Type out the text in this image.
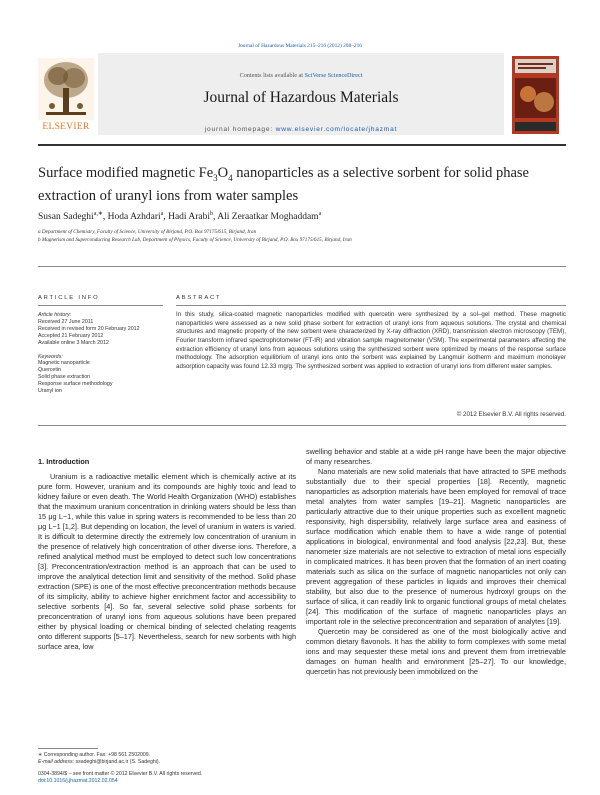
Journal of Hazardous Materials 215–216 (2012) 208–216
Contents lists available at SciVerse ScienceDirect
Journal of Hazardous Materials
journal homepage: www.elsevier.com/locate/jhazmat
ELSEVIER
Surface modified magnetic $Fe_3O_4$ nanoparticles as a selective sorbent for solid phase extraction of uranyl ions from water samples
Susan Sadeghi$^{a,∗}$, Hoda Azhdari$^a$, Hadi Arabi$^b$, Ali Zeraatkar Moghaddam$^a$
a Department of Chemistry, Faculty of Science, University of Birjand, P.O. Box 97175/615, Birjand, Iran
b Magnetism and Superconducting Research Lab, Department of Physics, Faculty of Science, University of Birjand, P.O. Box 97175/615, Birjand, Iran
ARTICLE INFO
Article history:
Received 27 June 2011
Received in revised form 20 February 2012
Accepted 21 February 2012
Available online 3 March 2012
Keywords:
Magnetic nanoparticle
Quercetin
Solid phase extraction
Response surface methodology
Uranyl ion
ABSTRACT
In this study, silica-coated magnetic nanoparticles modified with quercetin were synthesized by a sol–gel method. These magnetic nanoparticles were assessed as a new solid phase sorbent for extraction of uranyl ions from aqueous solutions. The crystal and chemical structures and magnetic property of the new sorbent were characterized by X-ray diffraction (XRD), transmission electron microscopy (TEM), Fourier transform infrared spectrophotometer (FT-IR) and vibration sample magnetometer (VSM). The experimental parameters affecting the extraction efficiency of uranyl ions from aqueous solutions using the synthesized sorbent were optimized by means of the response surface methodology. The adsorption equilibrium of uranyl ions onto the sorbent was explained by Langmuir isotherm and maximum monolayer adsorption capacity was found 12.33 mg/g. The synthesized sorbent was applied to extraction of uranyl ions from different water samples.
© 2012 Elsevier B.V. All rights reserved.
1. Introduction

Uranium is a radioactive metallic element which is chemically active at its pure form. However, uranium and its compounds are highly toxic and lead to kidney failure or even death. The World Health Organization (WHO) establishes that the maximum uranium concentration in drinking waters should be less than 15 μg L−1, while this value in spring waters is recommended to be less than 20 μg L−1 [1,2]. But depending on location, the level of uranium in waters is varied. It is difficult to determine directly the extremely low concentration of uranium in the presence of relatively high concentration of other diverse ions. Therefore, a refined analytical method must be employed to detect such low concentrations [3]. Preconcentration/extraction method is an approach that can be used to improve the analytical detection limit and sensitivity of the method. Solid phase extraction (SPE) is one of the most effective preconcentration methods because of its simplicity, ability to achieve higher enrichment factor and accessibility to selective sorbents [4]. So far, several selective solid phase sorbents for preconcentration of uranyl ions from aqueous solutions have been prepared either by physical loading or chemical binding of selected chelating reagents onto different supports [5–17]. Nevertheless, search for new sorbents with high surface area, low

swelling behavior and stable at a wide pH range have been the major objective of many researches.

Nano materials are new solid materials that have attracted to SPE methods substantially due to their special properties [18]. Recently, magnetic nanoparticles as adsorption materials have been employed for removal of trace metal analytes from water samples [19–21]. Magnetic nanoparticles are particularly attractive due to their unique properties such as excellent magnetic responsivity, high dispersibility, relatively large surface area and easiness of surface modification which enable them to have a wide range of potential applications in biological, environmental and food analysis [22,23]. But, these nanometer size materials are not selective to extraction of metal ions especially in complicated matrices. It has been proven that the formation of an inert coating materials such as silica on the surface of magnetic nanoparticles not only can prevent aggregation of these particles in liquids and improves their chemical stability, but also due to the presence of numerous hydroxyl groups on the surface of silica, it can readily link to organic functional groups of metal chelates [24]. This modification of the surface of magnetic nanoparticles plays an important role in the selective preconcentration and separation of analytes [19].

Quercetin may be considered as one of the most biologically active and common dietary flavonols. It has the ability to form complexes with some metal ions and may sequester these metal ions and prevent them from irretrievable damages on human health and environment [25–27]. To our knowledge, quercetin has not previously been immobilized on the

∗ Corresponding author. Fax: +98 561 2502009.
E-mail address: ssadeghi@birjand.ac.ir (S. Sadeghi).
0304-3894/$ – see front matter © 2012 Elsevier B.V. All rights reserved.
doi:10.1016/j.jhazmat.2012.02.054
